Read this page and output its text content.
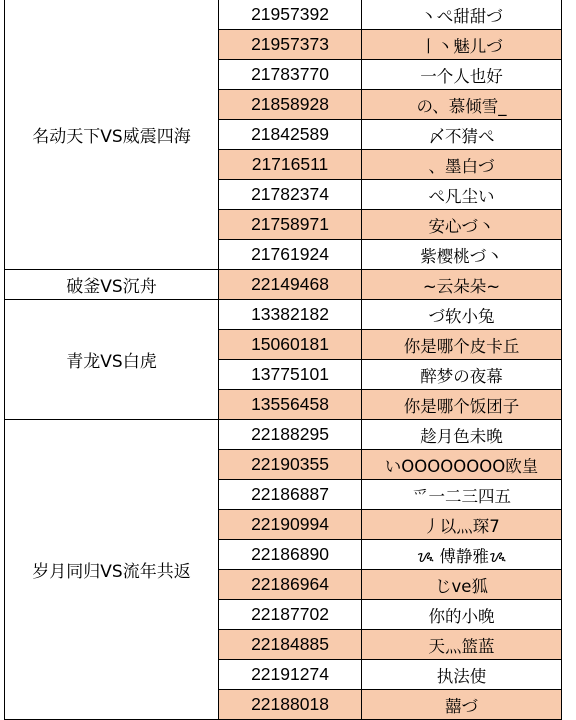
名动天下VS威震四海	21957392	丶ぺ甜甜づ
	21957373	丨丶魅儿づ
	21783770	一个人也好
	21858928	の、慕倾雪_
	21842589	〆不猜ぺ
	21716511	、墨白づ
	21782374	ぺ凡尘い
	21758971	安心づ丶
	21761924	紫樱桃づ丶
破釜VS沉舟	22149468	~云朵朵~
青龙VS白虎	13382182	づ软小兔
	15060181	你是哪个皮卡丘
	13775101	醉梦の夜幕
	13556458	你是哪个饭团子
岁月同归VS流年共返	22188295	趁月色未晚
	22190355	いOOOOOOOO欧皇
	22186887	爫一二三四五
	22190994	丿以灬琛7
	22186890	ᝰ 傅静雅ᝰ
	22186964	じve狐
	22187702	你的小晚
	22184885	天灬篮蓝
	22191274	执法使
	22188018	囍づ
